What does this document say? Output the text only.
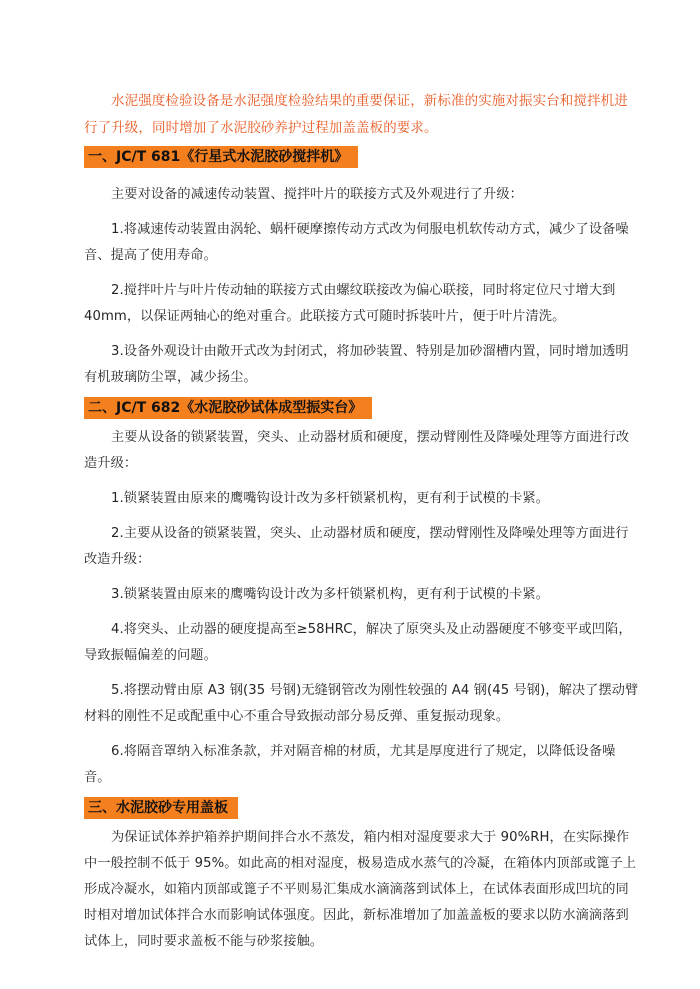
水泥强度检验设备是水泥强度检验结果的重要保证，新标准的实施对振实台和搅拌机进行了升级，同时增加了水泥胶砂养护过程加盖盖板的要求。

一、JC/T 681《行星式水泥胶砂搅拌机》

主要对设备的减速传动装置、搅拌叶片的联接方式及外观进行了升级：

1.将减速传动装置由涡轮、蜗杆硬摩擦传动方式改为伺服电机软传动方式，减少了设备噪音、提高了使用寿命。

2.搅拌叶片与叶片传动轴的联接方式由螺纹联接改为偏心联接，同时将定位尺寸增大到40mm，以保证两轴心的绝对重合。此联接方式可随时拆装叶片，便于叶片清洗。

3.设备外观设计由敞开式改为封闭式，将加砂装置、特别是加砂溜槽内置，同时增加透明有机玻璃防尘罩，减少扬尘。

二、JC/T 682《水泥胶砂试体成型振实台》

主要从设备的锁紧装置，突头、止动器材质和硬度，摆动臂刚性及降噪处理等方面进行改造升级：

1.锁紧装置由原来的鹰嘴钩设计改为多杆锁紧机构，更有利于试模的卡紧。

2.主要从设备的锁紧装置，突头、止动器材质和硬度，摆动臂刚性及降噪处理等方面进行改造升级：

3.锁紧装置由原来的鹰嘴钩设计改为多杆锁紧机构，更有利于试模的卡紧。

4.将突头、止动器的硬度提高至≥58HRC，解决了原突头及止动器硬度不够变平或凹陷，导致振幅偏差的问题。

5.将摆动臂由原 A3 钢(35 号钢)无缝钢管改为刚性较强的 A4 钢(45 号钢)，解决了摆动臂材料的刚性不足或配重中心不重合导致振动部分易反弹、重复振动现象。

6.将隔音罩纳入标准条款，并对隔音棉的材质，尤其是厚度进行了规定，以降低设备噪音。

三、水泥胶砂专用盖板

为保证试体养护箱养护期间拌合水不蒸发，箱内相对湿度要求大于 90%RH，在实际操作中一般控制不低于 95%。如此高的相对湿度，极易造成水蒸气的冷凝，在箱体内顶部或篦子上形成冷凝水，如箱内顶部或篦子不平则易汇集成水滴滴落到试体上，在试体表面形成凹坑的同时相对增加试体拌合水而影响试体强度。因此，新标准增加了加盖盖板的要求以防水滴滴落到试体上，同时要求盖板不能与砂浆接触。
